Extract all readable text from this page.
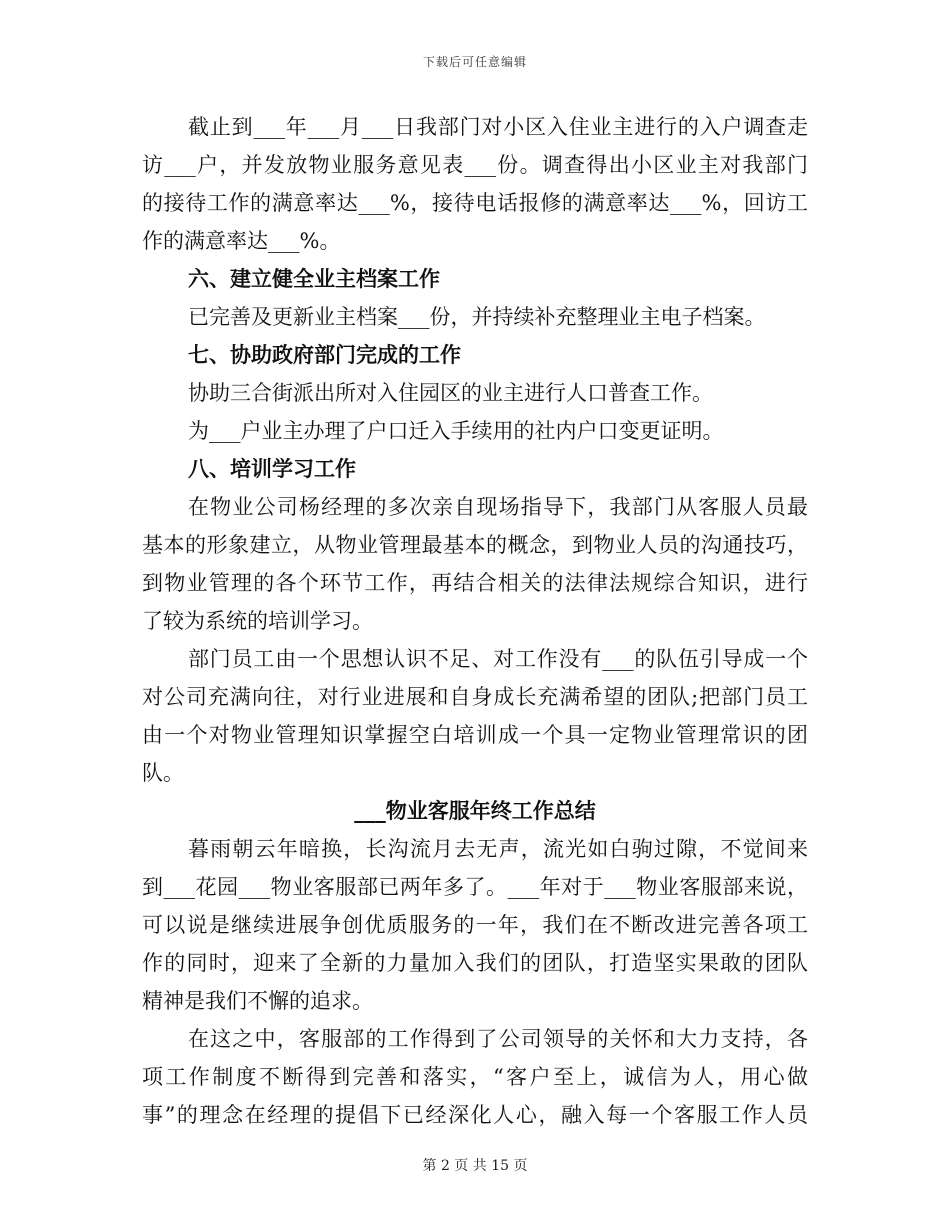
下载后可任意编辑
截止到___年___月___日我部门对小区入住业主进行的入户调查走
访___户，并发放物业服务意见表___份。调查得出小区业主对我部门
的接待工作的满意率达___%，接待电话报修的满意率达___%，回访工
作的满意率达___%。
六、建立健全业主档案工作
已完善及更新业主档案___份，并持续补充整理业主电子档案。
七、协助政府部门完成的工作
协助三合街派出所对入住园区的业主进行人口普查工作。
为___户业主办理了户口迁入手续用的社内户口变更证明。
八、培训学习工作
在物业公司杨经理的多次亲自现场指导下，我部门从客服人员最
基本的形象建立，从物业管理最基本的概念，到物业人员的沟通技巧，
到物业管理的各个环节工作，再结合相关的法律法规综合知识，进行
了较为系统的培训学习。
部门员工由一个思想认识不足、对工作没有___的队伍引导成一个
对公司充满向往，对行业进展和自身成长充满希望的团队;把部门员工
由一个对物业管理知识掌握空白培训成一个具一定物业管理常识的团
队。
___物业客服年终工作总结
暮雨朝云年暗换，长沟流月去无声，流光如白驹过隙，不觉间来
到___花园___物业客服部已两年多了。___年对于___物业客服部来说，
可以说是继续进展争创优质服务的一年，我们在不断改进完善各项工
作的同时，迎来了全新的力量加入我们的团队，打造坚实果敢的团队
精神是我们不懈的追求。
在这之中，客服部的工作得到了公司领导的关怀和大力支持，各
项工作制度不断得到完善和落实，“客户至上，诚信为人，用心做
事”的理念在经理的提倡下已经深化人心，融入每一个客服工作人员
第 2 页 共 15 页
